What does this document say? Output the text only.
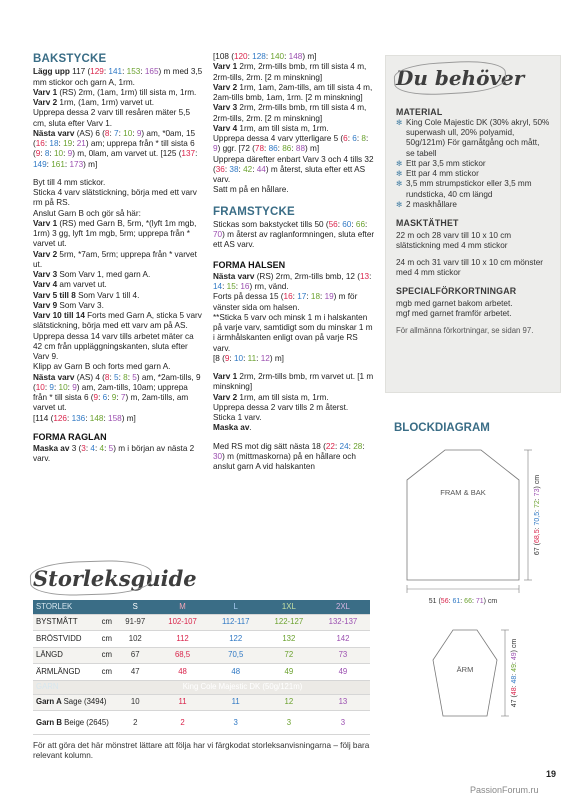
BAKSTYCKE

Lägg upp 117 (129: 141: 153: 165) m med 3,5 mm stickor och garn A, 1rm.

Varv 1 (RS) 2rm, (1am, 1rm) till sista m, 1rm.

Varv 2 1rm, (1am, 1rm) varvet ut.

Upprepa dessa 2 varv till resåren mäter 5,5 cm, sluta efter Varv 1.

Nästa varv (AS) 6 (8: 7: 10: 9) am, *0am, 15 (16: 18: 19: 21) am; upprepa från * till sista 6 (9: 8: 10: 9) m, 0lam, am varvet ut. [125 (137: 149: 161: 173) m]

Byt till 4 mm stickor.

Sticka 4 varv slätstickning, börja med ett varv rm på RS.

Anslut Garn B och gör så här:

Varv 1 (RS) med Garn B, 5rm, *(lyft 1m mgb, 1rm) 3 gg, lyft 1m mgb, 5rm; upprepa från * varvet ut.

Varv 2 5rm, *7am, 5rm; upprepa från * varvet ut.

Varv 3 Som Varv 1, med garn A.

Varv 4 am varvet ut.

Varv 5 till 8 Som Varv 1 till 4.

Varv 9 Som Varv 3.

Varv 10 till 14 Forts med Garn A, sticka 5 varv slätstickning, börja med ett varv am på AS.

Upprepa dessa 14 varv tills arbetet mäter ca 42 cm från uppläggningskanten, sluta efter Varv 9.

Klipp av Garn B och forts med garn A.

Nästa varv (AS) 4 (8: 5: 8: 5) am, *2am-tills, 9 (10: 9: 10: 9) am, 2am-tills, 10am; upprepa från * till sista 6 (9: 6: 9: 7) m, 2am-tills, am varvet ut.

[114 (126: 136: 148: 158) m]

FORMA RAGLAN

Maska av 3 (3: 4: 4: 5) m i början av nästa 2 varv.

[108 (120: 128: 140: 148) m]

Varv 1 2rm, 2rm-tills bmb, rm till sista 4 m, 2rm-tills, 2rm. [2 m minskning]

Varv 2 1rm, 1am, 2am-tills, am till sista 4 m, 2am-tills bmb, 1am, 1rm. [2 m minskning]

Varv 3 2rm, 2rm-tills bmb, rm till sista 4 m, 2rm-tills, 2rm. [2 m minskning]

Varv 4 1rm, am till sista m, 1rm.

Upprepa dessa 4 varv ytterligare 5 (6: 6: 8: 9) ggr. [72 (78: 86: 86: 88) m]

Upprepa därefter enbart Varv 3 och 4 tills 32 (36: 38: 42: 44) m återst, sluta efter ett AS varv.

Satt m på en hållare.

FRAMSTYCKE

Stickas som bakstycket tills 50 (56: 60: 66: 70) m återst av raglanformningen, sluta efter ett AS varv.

FORMA HALSEN

Nästa varv (RS) 2rm, 2rm-tills bmb, 12 (13: 14: 15: 16) rm, vänd.

Forts på dessa 15 (16: 17: 18: 19) m för vänster sida om halsen.

**Sticka 5 varv och minsk 1 m i halskanten på varje varv, samtidigt som du minskar 1 m i ärmhålskanten enligt ovan på varje RS varv.

[8 (9: 10: 11: 12) m]

Varv 1 2rm, 2rm-tills bmb, rm varvet ut. [1 m minskning]

Varv 2 1rm, am till sista m, 1rm.

Upprepa dessa 2 varv tills 2 m återst.

Sticka 1 varv.

Maska av.

Med RS mot dig sätt nästa 18 (22: 24: 28: 30) m (mittmaskorna) på en hållare och anslut garn A vid halskanten

Du behöver
MATERIAL
✻ King Cole Majestic DK (30% akryl, 50% superwash ull, 20% polyamid, 50g/121m) För garnåtgång och mått, se tabell
✻ Ett par 3,5 mm stickor
✻ Ett par 4 mm stickor
✻ 3,5 mm strumpstickor eller 3,5 mm rundsticka, 40 cm längd
✻ 2 maskhållare
MASKTÄTHET

22 m och 28 varv till 10 x 10 cm slätstickning med 4 mm stickor

24 m och 31 varv till 10 x 10 cm mönster med 4 mm stickor

SPECIALFÖRKORTNINGAR

mgb med garnet bakom arbetet.

mgf med garnet framför arbetet.

För allmänna förkortningar, se sidan 97.

BLOCKDIAGRAM
FRAM & BAK
67 (68,5: 70,5: 72: 73) cm
51 (56: 61: 66: 71) cm
ÄRM
47 (48: 48: 49: 49) cm
Storleksguide
STORLEK		S	M	L	1XL	2XL
BYSTMÅTT	cm	91-97	102-107	112-117	122-127	132-137
BRÖSTVIDD	cm	102	112	122	132	142
LÄNGD	cm	67	68,5	70,5	72	73
ÄRMLÄNGD	cm	47	48	48	49	49
GARN		King Cole Majestic DK (50g/121m)				
Garn A Sage (3494)		10	11	11	12	13
Garn B Beige (2645)		2	2	3	3	3

För att göra det här mönstret lättare att följa har vi färgkodat storleksanvisningarna – följ bara relevant kolumn.

19
PassionForum.ru
